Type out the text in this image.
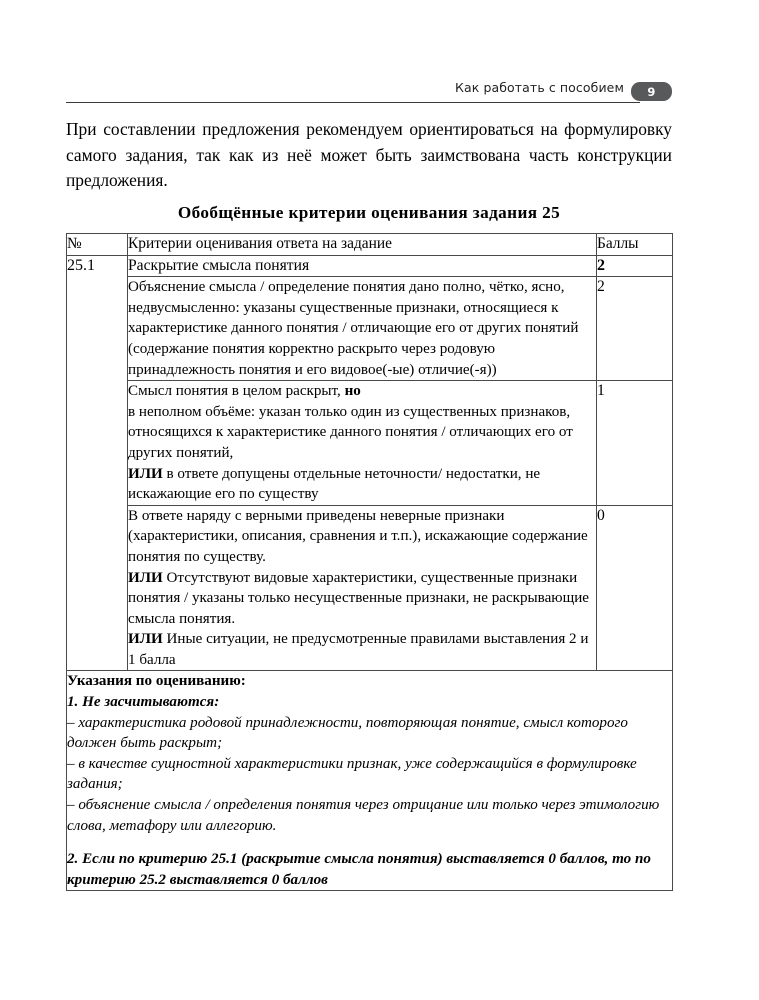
Как работать с пособием	9

При составлении предложения рекомендуем ориентироваться на формулировку самого задания, так как из неё может быть заимствована часть конструкции предложения.

Обобщённые критерии оценивания задания 25
№	Критерии оценивания ответа на задание	Баллы
25.1	Раскрытие смысла понятия	2
	Объяснение смысла / определение понятия дано полно, чётко, ясно, недвусмысленно: указаны существенные признаки, относящиеся к характеристике данного понятия / отличающие его от других понятий (содержание понятия корректно раскрыто через родовую принадлежность понятия и его видовое(-ые) отличие(-я))	2
	Смысл понятия в целом раскрыт, но
в неполном объёме: указан только один из существенных признаков, относящихся к характеристике данного понятия / отличающих его от других понятий,
ИЛИ в ответе допущены отдельные неточности/ недостатки, не искажающие его по существу	1
	В ответе наряду с верными приведены неверные признаки (характеристики, описания, сравнения и т.п.), искажающие содержание понятия по существу.
ИЛИ Отсутствуют видовые характеристики, существенные признаки понятия / указаны только несущественные признаки, не раскрывающие смысла понятия.
ИЛИ Иные ситуации, не предусмотренные правилами выставления 2 и 1 балла	0

Указания по оцениванию:

1. Не засчитываются:

– характеристика родовой принадлежности, повторяющая понятие, смысл которого должен быть раскрыт;

– в качестве сущностной характеристики признак, уже содержащийся в формулировке задания;

– объяснение смысла / определения понятия через отрицание или только через этимологию слова, метафору или аллегорию.

2. Если по критерию 25.1 (раскрытие смысла понятия) выставляется 0 баллов, то по критерию 25.2 выставляется 0 баллов
